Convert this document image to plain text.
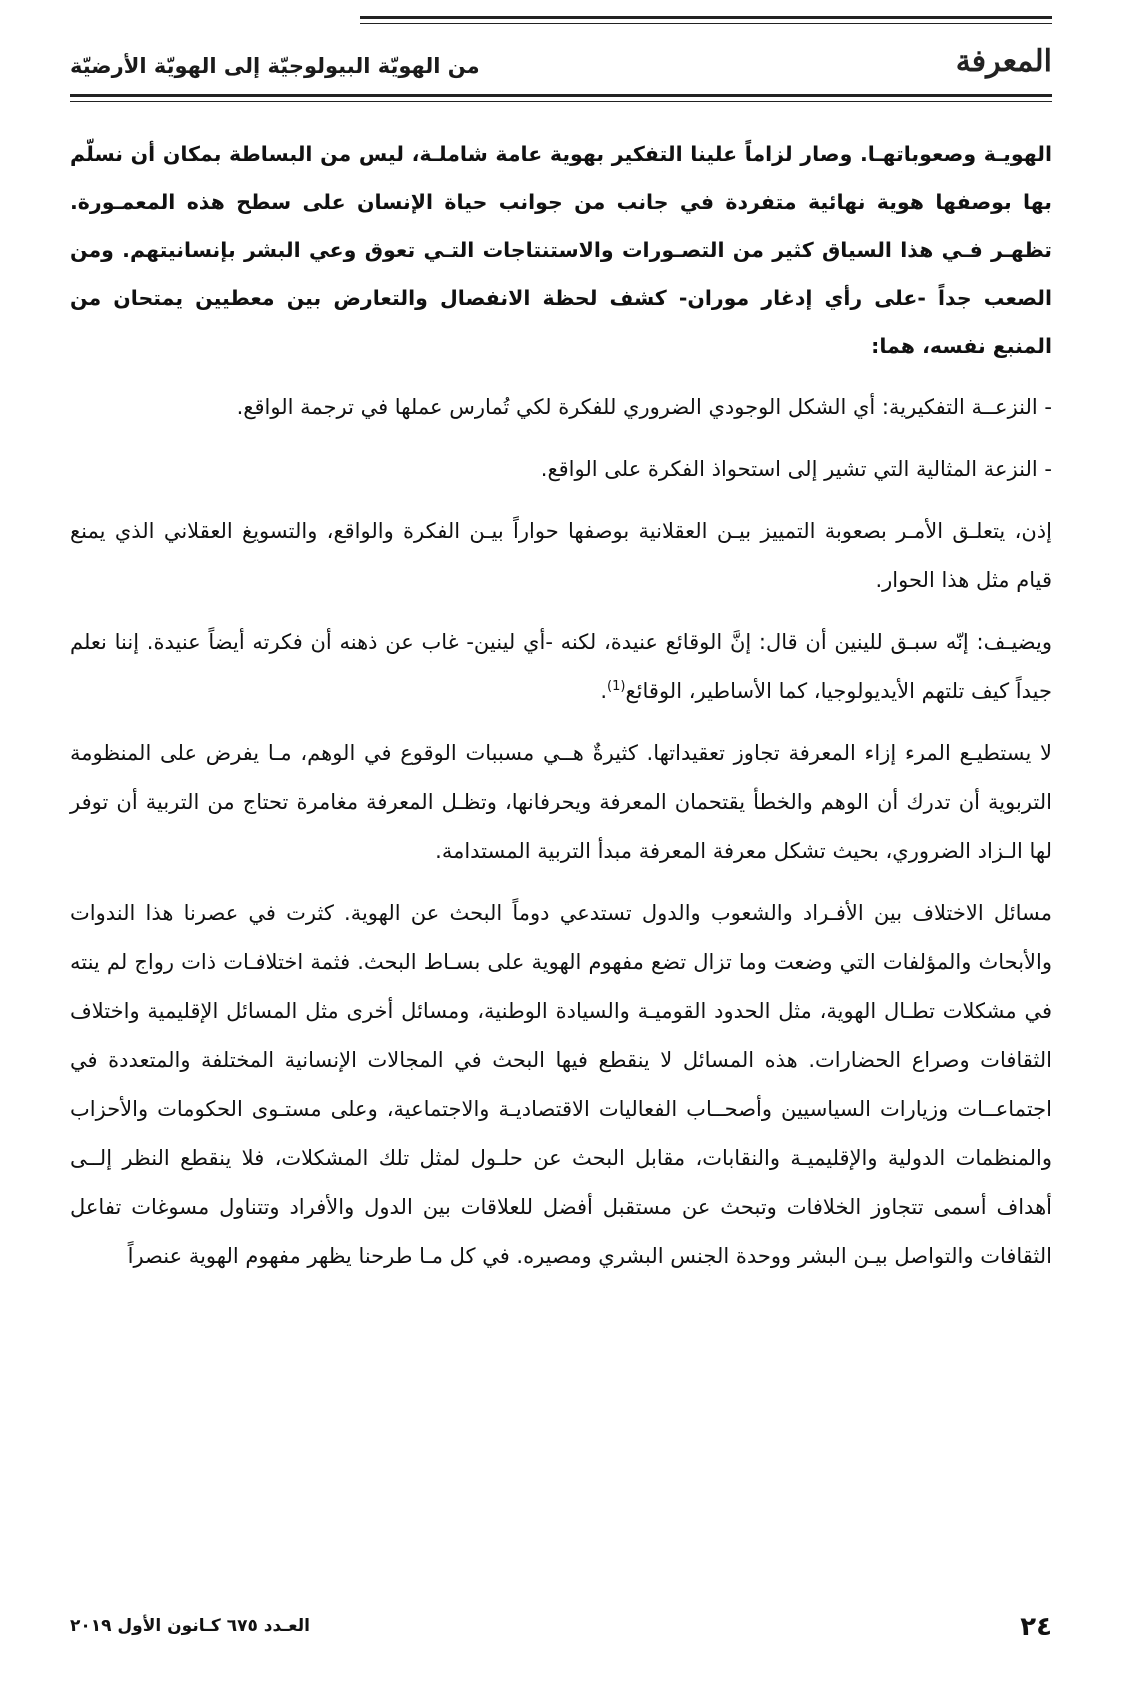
المعرفة
من الهويّة البيولوجيّة إلى الهويّة الأرضيّة

الهويـة وصعوباتهـا. وصار لزاماً علينا التفكير بهوية عامة شاملـة، ليس من البساطة بمكان أن نسلّم بها بوصفها هوية نهائية متفردة في جانب من جوانب حياة الإنسان على سطح هذه المعمـورة. تظهـر فـي هذا السياق كثير من التصـورات والاستنتاجات التـي تعوق وعي البشر بإنسانيتهم. ومن الصعب جداً -على رأي إدغار موران- كشف لحظة الانفصال والتعارض بين معطيين يمتحان من المنبع نفسه، هما:

- النزعــة التفكيرية: أي الشكل الوجودي الضروري للفكرة لكي تُمارس عملها في ترجمة الواقع.

- النزعة المثالية التي تشير إلى استحواذ الفكرة على الواقع.

إذن، يتعلـق الأمـر بصعوبة التمييز بيـن العقلانية بوصفها حواراً بيـن الفكرة والواقع، والتسويغ العقلاني الذي يمنع قيام مثل هذا الحوار.

ويضيـف: إنّه سبـق للينين أن قال: إنَّ الوقائع عنيدة، لكنه -أي لينين- غاب عن ذهنه أن فكرته أيضاً عنيدة. إننا نعلم جيداً كيف تلتهم الأيديولوجيا، كما الأساطير، الوقائع$^{(1)}$.

لا يستطيـع المرء إزاء المعرفة تجاوز تعقيداتها. كثيرةٌ هــي مسببات الوقوع في الوهم، مـا يفرض على المنظومة التربوية أن تدرك أن الوهم والخطأ يقتحمان المعرفة ويحرفانها، وتظـل المعرفة مغامرة تحتاج من التربية أن توفر لها الـزاد الضروري، بحيث تشكل معرفة المعرفة مبدأ التربية المستدامة.

مسائل الاختلاف بين الأفـراد والشعوب والدول تستدعي دوماً البحث عن الهوية. كثرت في عصرنا هذا الندوات والأبحاث والمؤلفات التي وضعت وما تزال تضع مفهوم الهوية على بسـاط البحث. فثمة اختلافـات ذات رواج لم ينته في مشكلات تطـال الهوية، مثل الحدود القوميـة والسيادة الوطنية، ومسائل أخرى مثل المسائل الإقليمية واختلاف الثقافات وصراع الحضارات. هذه المسائل لا ينقطع فيها البحث في المجالات الإنسانية المختلفة والمتعددة في اجتماعــات وزيارات السياسيين وأصحــاب الفعاليات الاقتصاديـة والاجتماعية، وعلى مستـوى الحكومات والأحزاب والمنظمات الدولية والإقليميـة والنقابات، مقابل البحث عن حلـول لمثل تلك المشكلات، فلا ينقطع النظر إلــى أهداف أسمى تتجاوز الخلافات وتبحث عن مستقبل أفضل للعلاقات بين الدول والأفراد وتتناول مسوغات تفاعل الثقافات والتواصل بيـن البشر ووحدة الجنس البشري ومصيره. في كل مـا طرحنا يظهر مفهوم الهوية عنصراً

٢٤
العـدد ٦٧٥ كـانون الأول ٢٠١٩
